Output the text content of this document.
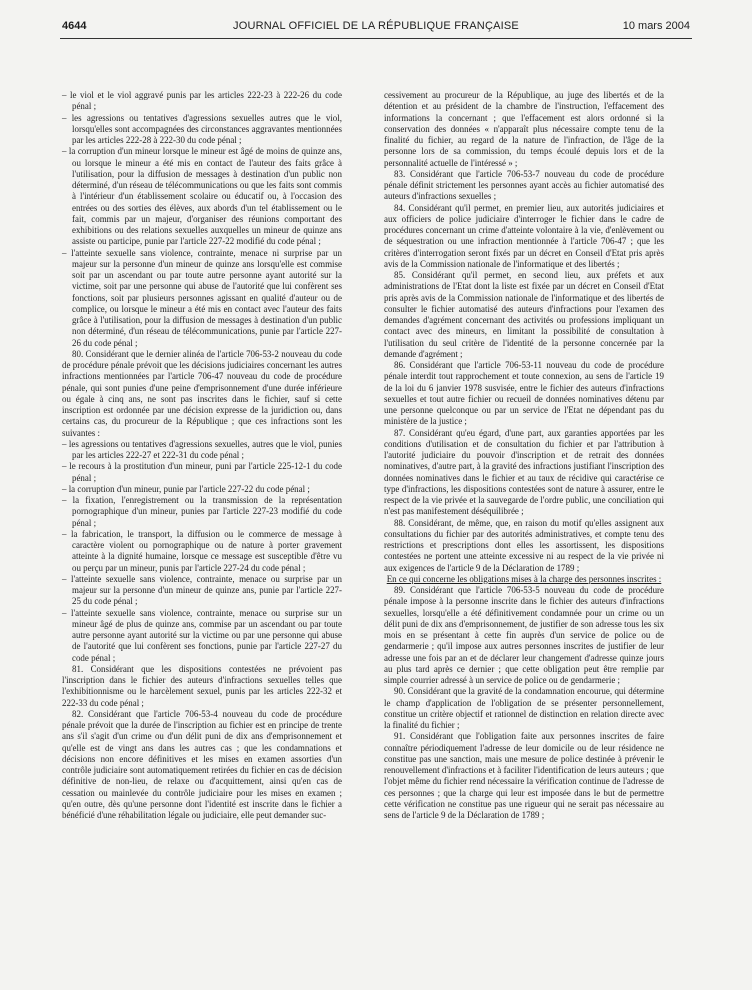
4644	JOURNAL OFFICIEL DE LA RÉPUBLIQUE FRANÇAISE	10 mars 2004

– le viol et le viol aggravé punis par les articles 222-23 à 222-26 du code pénal ;

– les agressions ou tentatives d'agressions sexuelles autres que le viol, lorsqu'elles sont accompagnées des circonstances aggravantes mentionnées par les articles 222-28 à 222-30 du code pénal ;

– la corruption d'un mineur lorsque le mineur est âgé de moins de quinze ans, ou lorsque le mineur a été mis en contact de l'auteur des faits grâce à l'utilisation, pour la diffusion de messages à destination d'un public non déterminé, d'un réseau de télécommunications ou que les faits sont commis à l'intérieur d'un établissement scolaire ou éducatif ou, à l'occasion des entrées ou des sorties des élèves, aux abords d'un tel établissement ou le fait, commis par un majeur, d'organiser des réunions comportant des exhibitions ou des relations sexuelles auxquelles un mineur de quinze ans assiste ou participe, punie par l'article 227-22 modifié du code pénal ;

– l'atteinte sexuelle sans violence, contrainte, menace ni surprise par un majeur sur la personne d'un mineur de quinze ans lorsqu'elle est commise soit par un ascendant ou par toute autre personne ayant autorité sur la victime, soit par une personne qui abuse de l'autorité que lui confèrent ses fonctions, soit par plusieurs personnes agissant en qualité d'auteur ou de complice, ou lorsque le mineur a été mis en contact avec l'auteur des faits grâce à l'utilisation, pour la diffusion de messages à destination d'un public non déterminé, d'un réseau de télécommunications, punie par l'article 227-26 du code pénal ;

80. Considérant que le dernier alinéa de l'article 706-53-2 nouveau du code de procédure pénale prévoit que les décisions judiciaires concernant les autres infractions mentionnées par l'article 706-47 nouveau du code de procédure pénale, qui sont punies d'une peine d'emprisonnement d'une durée inférieure ou égale à cinq ans, ne sont pas inscrites dans le fichier, sauf si cette inscription est ordonnée par une décision expresse de la juridiction ou, dans certains cas, du procureur de la République ; que ces infractions sont les suivantes :

– les agressions ou tentatives d'agressions sexuelles, autres que le viol, punies par les articles 222-27 et 222-31 du code pénal ;

– le recours à la prostitution d'un mineur, puni par l'article 225-12-1 du code pénal ;

– la corruption d'un mineur, punie par l'article 227-22 du code pénal ;

– la fixation, l'enregistrement ou la transmission de la représentation pornographique d'un mineur, punies par l'article 227-23 modifié du code pénal ;

– la fabrication, le transport, la diffusion ou le commerce de message à caractère violent ou pornographique ou de nature à porter gravement atteinte à la dignité humaine, lorsque ce message est susceptible d'être vu ou perçu par un mineur, punis par l'article 227-24 du code pénal ;

– l'atteinte sexuelle sans violence, contrainte, menace ou surprise par un majeur sur la personne d'un mineur de quinze ans, punie par l'article 227-25 du code pénal ;

– l'atteinte sexuelle sans violence, contrainte, menace ou surprise sur un mineur âgé de plus de quinze ans, commise par un ascendant ou par toute autre personne ayant autorité sur la victime ou par une personne qui abuse de l'autorité que lui confèrent ses fonctions, punie par l'article 227-27 du code pénal ;

81. Considérant que les dispositions contestées ne prévoient pas l'inscription dans le fichier des auteurs d'infractions sexuelles telles que l'exhibitionnisme ou le harcèlement sexuel, punis par les articles 222-32 et 222-33 du code pénal ;

82. Considérant que l'article 706-53-4 nouveau du code de procédure pénale prévoit que la durée de l'inscription au fichier est en principe de trente ans s'il s'agit d'un crime ou d'un délit puni de dix ans d'emprisonnement et qu'elle est de vingt ans dans les autres cas ; que les condamnations et décisions non encore définitives et les mises en examen assorties d'un contrôle judiciaire sont automatiquement retirées du fichier en cas de décision définitive de non-lieu, de relaxe ou d'acquittement, ainsi qu'en cas de cessation ou mainlevée du contrôle judiciaire pour les mises en examen ; qu'en outre, dès qu'une personne dont l'identité est inscrite dans le fichier a bénéficié d'une réhabilitation légale ou judiciaire, elle peut demander suc-

cessivement au procureur de la République, au juge des libertés et de la détention et au président de la chambre de l'instruction, l'effacement des informations la concernant ; que l'effacement est alors ordonné si la conservation des données « n'apparaît plus nécessaire compte tenu de la finalité du fichier, au regard de la nature de l'infraction, de l'âge de la personne lors de sa commission, du temps écoulé depuis lors et de la personnalité actuelle de l'intéressé » ;

83. Considérant que l'article 706-53-7 nouveau du code de procédure pénale définit strictement les personnes ayant accès au fichier automatisé des auteurs d'infractions sexuelles ;

84. Considérant qu'il permet, en premier lieu, aux autorités judiciaires et aux officiers de police judiciaire d'interroger le fichier dans le cadre de procédures concernant un crime d'atteinte volontaire à la vie, d'enlèvement ou de séquestration ou une infraction mentionnée à l'article 706-47 ; que les critères d'interrogation seront fixés par un décret en Conseil d'Etat pris après avis de la Commission nationale de l'informatique et des libertés ;

85. Considérant qu'il permet, en second lieu, aux préfets et aux administrations de l'Etat dont la liste est fixée par un décret en Conseil d'Etat pris après avis de la Commission nationale de l'informatique et des libertés de consulter le fichier automatisé des auteurs d'infractions pour l'examen des demandes d'agrément concernant des activités ou professions impliquant un contact avec des mineurs, en limitant la possibilité de consultation à l'utilisation du seul critère de l'identité de la personne concernée par la demande d'agrément ;

86. Considérant que l'article 706-53-11 nouveau du code de procédure pénale interdit tout rapprochement et toute connexion, au sens de l'article 19 de la loi du 6 janvier 1978 susvisée, entre le fichier des auteurs d'infractions sexuelles et tout autre fichier ou recueil de données nominatives détenu par une personne quelconque ou par un service de l'Etat ne dépendant pas du ministère de la justice ;

87. Considérant qu'eu égard, d'une part, aux garanties apportées par les conditions d'utilisation et de consultation du fichier et par l'attribution à l'autorité judiciaire du pouvoir d'inscription et de retrait des données nominatives, d'autre part, à la gravité des infractions justifiant l'inscription des données nominatives dans le fichier et au taux de récidive qui caractérise ce type d'infractions, les dispositions contestées sont de nature à assurer, entre le respect de la vie privée et la sauvegarde de l'ordre public, une conciliation qui n'est pas manifestement déséquilibrée ;

88. Considérant, de même, que, en raison du motif qu'elles assignent aux consultations du fichier par des autorités administratives, et compte tenu des restrictions et prescriptions dont elles les assortissent, les dispositions contestées ne portent une atteinte excessive ni au respect de la vie privée ni aux exigences de l'article 9 de la Déclaration de 1789 ;

En ce qui concerne les obligations mises à la charge des personnes inscrites :

89. Considérant que l'article 706-53-5 nouveau du code de procédure pénale impose à la personne inscrite dans le fichier des auteurs d'infractions sexuelles, lorsqu'elle a été définitivement condamnée pour un crime ou un délit puni de dix ans d'emprisonnement, de justifier de son adresse tous les six mois en se présentant à cette fin auprès d'un service de police ou de gendarmerie ; qu'il impose aux autres personnes inscrites de justifier de leur adresse une fois par an et de déclarer leur changement d'adresse quinze jours au plus tard après ce dernier ; que cette obligation peut être remplie par simple courrier adressé à un service de police ou de gendarmerie ;

90. Considérant que la gravité de la condamnation encourue, qui détermine le champ d'application de l'obligation de se présenter personnellement, constitue un critère objectif et rationnel de distinction en relation directe avec la finalité du fichier ;

91. Considérant que l'obligation faite aux personnes inscrites de faire connaître périodiquement l'adresse de leur domicile ou de leur résidence ne constitue pas une sanction, mais une mesure de police destinée à prévenir le renouvellement d'infractions et à faciliter l'identification de leurs auteurs ; que l'objet même du fichier rend nécessaire la vérification continue de l'adresse de ces personnes ; que la charge qui leur est imposée dans le but de permettre cette vérification ne constitue pas une rigueur qui ne serait pas nécessaire au sens de l'article 9 de la Déclaration de 1789 ;
